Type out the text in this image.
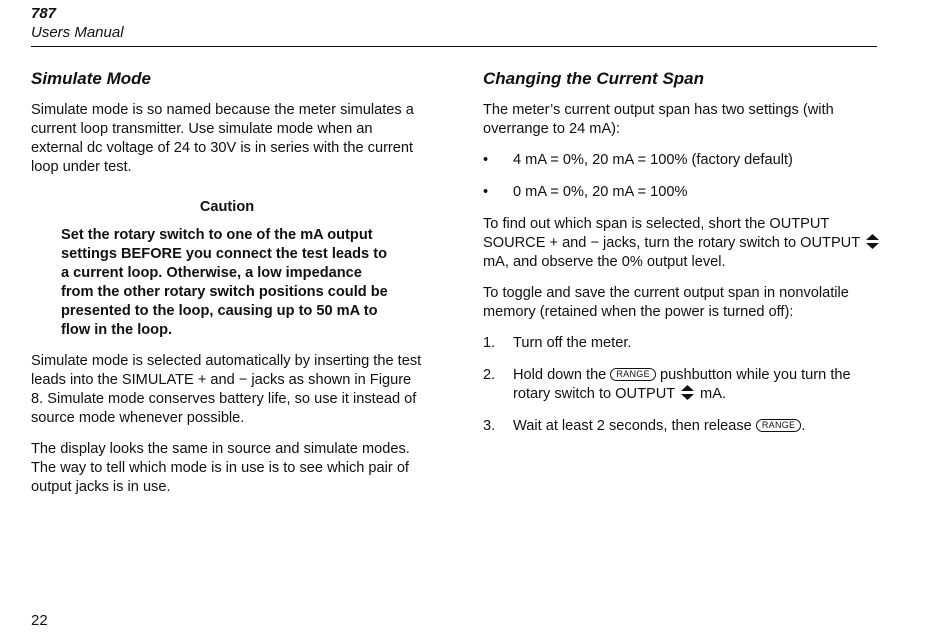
787
Users Manual
Simulate Mode

Simulate mode is so named because the meter simulates a current loop transmitter. Use simulate mode when an external dc voltage of 24 to 30V is in series with the current loop under test.

Caution
Set the rotary switch to one of the mA output settings BEFORE you connect the test leads to a current loop. Otherwise, a low impedance from the other rotary switch positions could be presented to the loop, causing up to 50 mA to flow in the loop.

Simulate mode is selected automatically by inserting the test leads into the SIMULATE + and − jacks as shown in Figure 8. Simulate mode conserves battery life, so use it instead of source mode whenever possible.

The display looks the same in source and simulate modes. The way to tell which mode is in use is to see which pair of output jacks is in use.

Changing the Current Span

The meter’s current output span has two settings (with overrange to 24 mA):

• 4 mA = 0%, 20 mA = 100% (factory default)
• 0 mA = 0%, 20 mA = 100%

To find out which span is selected, short the OUTPUT SOURCE + and − jacks, turn the rotary switch to OUTPUT  mA, and observe the 0% output level.

To toggle and save the current output span in nonvolatile memory (retained when the power is turned off):

1. Turn off the meter.
2. Hold down the RANGE pushbutton while you turn the rotary switch to OUTPUT mA.
3. Wait at least 2 seconds, then release RANGE .
22
